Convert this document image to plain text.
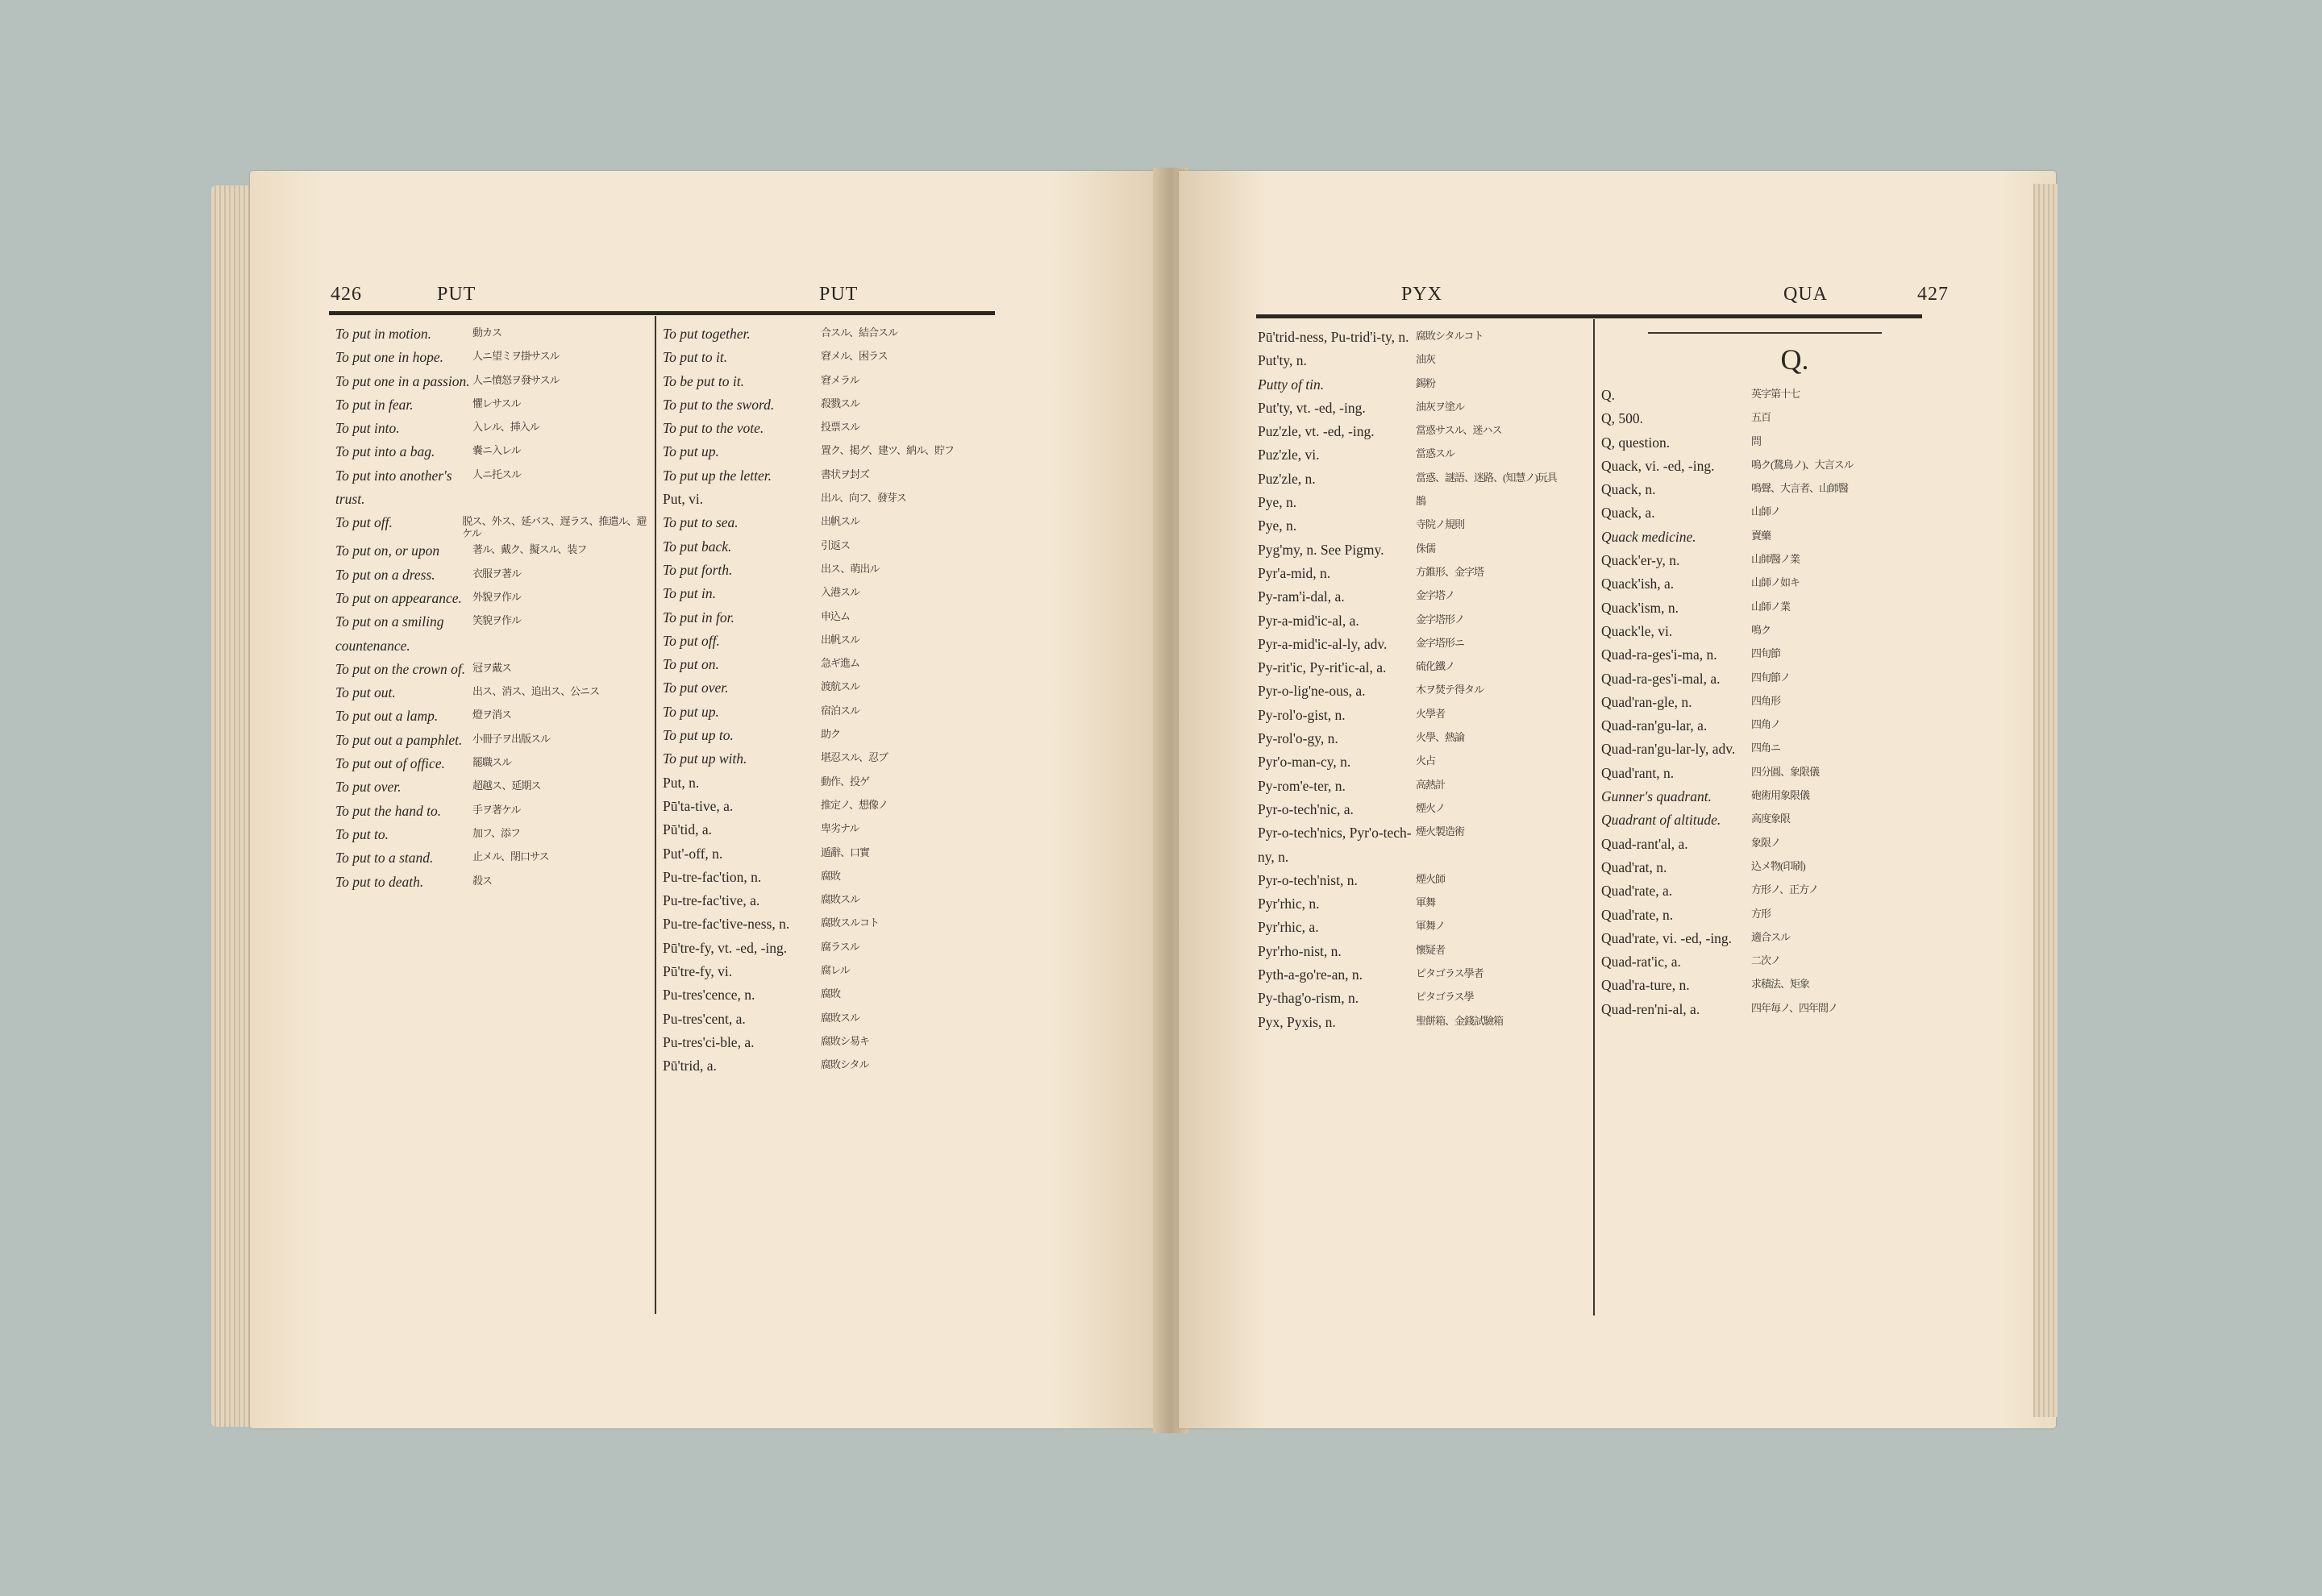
426	PUT	PUT
To put in motion.	動カス
To put one in hope.	人ニ望ミヲ掛サスル
To put one in a passion. 人ニ憤怒ヲ發サスル
To put in fear.	懼レサスル
To put into.	入レル、挿入ル
To put into a bag.	嚢ニ入レル
To put into another's trust.
人ニ托スル
To put off.	脱ス、外ス、延バス、遅ラス、推遣ル、避ケル
To put on, or upon	著ル、戴ク、擬スル、装フ
To put on a dress.	衣服ヲ著ル
To put on appearance.	外貌ヲ作ル
To put on a smiling countenance.
笑貌ヲ作ル
To put on the crown of. 冠ヲ戴ス
To put out.	出ス、消ス、追出ス、公ニス
To put out a lamp.	燈ヲ消ス
To put out a pamphlet. 小冊子ヲ出版スル
To put out of office.	罷職スル
To put over.	超越ス、延期ス
To put the hand to.	手ヲ著ケル
To put to.	加フ、添フ
To put to a stand.	止メル、閉口サス
To put to death.	殺ス
To put together.	合スル、結合スル
To put to it.	窘メル、困ラス
To be put to it.	窘メラル
To put to the sword.	殺戮スル
To put to the vote.	投票スル
To put up.	置ク、掲グ、建ツ、納ル、貯フ
To put up the letter.	書状ヲ封ズ
Put, vi.	出ル、向フ、發芽ス
To put to sea.	出帆スル
To put back.	引返ス
To put forth.	出ス、萌出ル
To put in.	入港スル
To put in for.	申込ム
To put off.	出帆スル
To put on.	急ギ進ム
To put over.	渡航スル
To put up.	宿泊スル
To put up to.	助ク
To put up with.	堪忍スル、忍ブ
Put, n.	動作、投ゲ
Pū'ta-tive, a.	推定ノ、想像ノ
Pū'tid, a.	卑劣ナル
Put'-off, n.	遁辭、口實
Pu-tre-fac'tion, n.	腐敗
Pu-tre-fac'tive, a.	腐敗スル
Pu-tre-fac'tive-ness, n.	腐敗スルコト
Pū'tre-fy, vt. -ed, -ing.	腐ラスル
Pū'tre-fy, vi.	腐レル
Pu-tres'cence, n.	腐敗
Pu-tres'cent, a.	腐敗スル
Pu-tres'ci-ble, a.	腐敗シ易キ
Pū'trid, a.	腐敗シタル
PYX	QUA	427
Pū'trid-ness, Pu-trid'i-ty, n. 腐敗シタルコト
Put'ty, n.	油灰
Putty of tin.	錫粉
Put'ty, vt. -ed, -ing.	油灰ヲ塗ル
Puz'zle, vt. -ed, -ing.	當惑サスル、迷ハス
Puz'zle, vi.	當惑スル
Puz'zle, n.	當惑、謎語、迷路、(知慧ノ)玩具
Pye, n.	鵲
Pye, n.	寺院ノ規則
Pyg'my, n. See Pigmy.	侏儒
Pyr'a-mid, n.	方錐形、金字塔
Py-ram'i-dal, a.	金字塔ノ
Pyr-a-mid'ic-al, a.	金字塔形ノ
Pyr-a-mid'ic-al-ly, adv.	金字塔形ニ
Py-rit'ic, Py-rit'ic-al, a.	硫化鐵ノ
Pyr-o-lig'ne-ous, a.	木ヲ焚テ得タル
Py-rol'o-gist, n.	火學者
Py-rol'o-gy, n.	火學、熱論
Pyr'o-man-cy, n.	火占
Py-rom'e-ter, n.	高熱計
Pyr-o-tech'nic, a.	煙火ノ
Pyr-o-tech'nics, Pyr'o-tech-ny, n.
煙火製造術
Pyr-o-tech'nist, n.	煙火師
Pyr'rhic, n.	軍舞
Pyr'rhic, a.	軍舞ノ
Pyr'rho-nist, n.	懷疑者
Pyth-a-go're-an, n.	ピタゴラス學者
Py-thag'o-rism, n.	ピタゴラス學
Pyx, Pyxis, n.	聖餅箱、金錢試驗箱
Q.
Q.	英字第十七
Q, 500.	五百
Q, question.	問
Quack, vi. -ed, -ing.	鳴ク(鵞鳥ノ)、大言スル
Quack, n.	鳴聲、大言者、山師醫
Quack, a.	山師ノ
Quack medicine.	賣藥
Quack'er-y, n.	山師醫ノ業
Quack'ish, a.	山師ノ如キ
Quack'ism, n.	山師ノ業
Quack'le, vi.	鳴ク
Quad-ra-ges'i-ma, n.	四旬節
Quad-ra-ges'i-mal, a.	四旬節ノ
Quad'ran-gle, n.	四角形
Quad-ran'gu-lar, a.	四角ノ
Quad-ran'gu-lar-ly, adv.	四角ニ
Quad'rant, n.	四分圓、象限儀
Gunner's quadrant.	砲術用象限儀
Quadrant of altitude.	高度象限
Quad-rant'al, a.	象限ノ
Quad'rat, n.	込メ物(印刷)
Quad'rate, a.	方形ノ、正方ノ
Quad'rate, n.	方形
Quad'rate, vi. -ed, -ing.	適合スル
Quad-rat'ic, a.	二次ノ
Quad'ra-ture, n.	求積法、矩象
Quad-ren'ni-al, a.	四年毎ノ、四年間ノ
